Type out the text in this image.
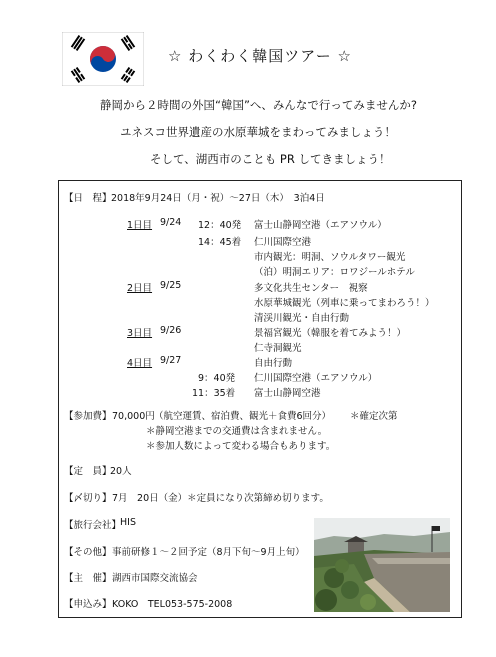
☆ わくわく韓国ツアー ☆
静岡から２時間の外国“韓国”へ、みんなで行ってみませんか?
ユネスコ世界遺産の水原華城をまわってみましょう！
そして、湖西市のことも PR してきましょう！
【日　程】 2018年9月24日（月・祝）～27日（木）　3泊4日
1日目 9/24 12：40発 富士山静岡空港（エアソウル）
14：45着 仁川国際空港
市内観光：明洞、ソウルタワー観光
（泊）明洞エリア：ロワジールホテル
2日目 9/25	多文化共生センター　視察
水原華城観光（列車に乗ってまわろう！）
清渓川観光・自由行動
3日目 9/26	景福宮観光（韓服を着てみよう！）
仁寺洞観光
4日目 9/27	自由行動
9：40発 仁川国際空港（エアソウル）
11：35着 富士山静岡空港
【参加費】 70,000円 （航空運賃、宿泊費、観光＋食費6回分） ＊確定次第
＊静岡空港までの交通費は含まれません。
＊参加人数によって変わる場合もあります。
【定　員】
20人
【〆切り】 7月　20日（金）＊定員になり次第締め切ります。
【旅行会社】
HIS
【その他】 事前研修１～２回予定（8月下旬～9月上旬）
【主　催】 湖西市国際交流協会
【申込み】 KOKO　TEL053-575-2008
